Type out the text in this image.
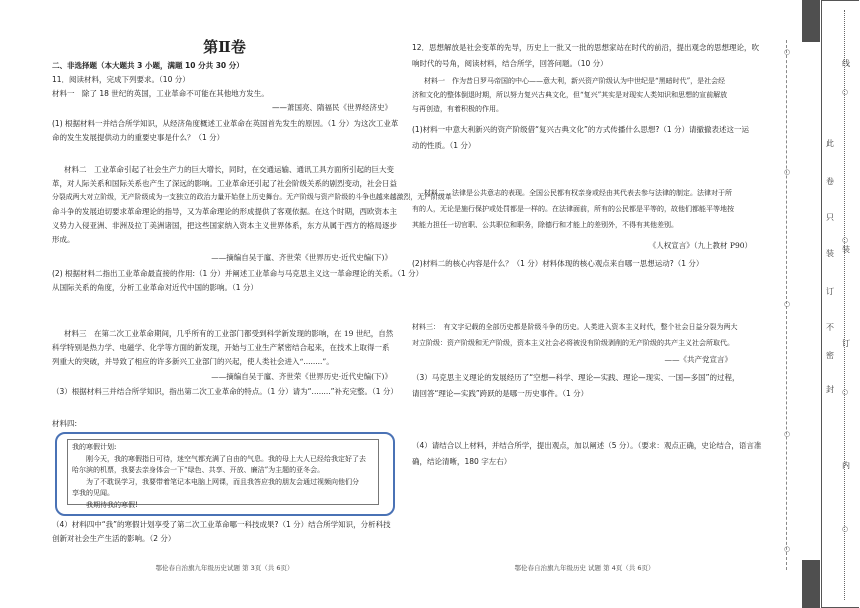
第Ⅱ卷
二、非选择题（本大题共 3 小题，满题 10 分共 30 分）
11．阅读材料，完成下列要求。（10 分）
材料一　除了 18 世纪的英国，工业革命不可能在其他地方发生。
——萧国亮、隋福民《世界经济史》
(1) 根据材料一并结合所学知识，从经济角度概述工业革命在英国首先发生的原因。（1 分）为这次工业革
命的发生发展提供动力的重要史事是什么？（1 分）
材料二　工业革命引起了社会生产力的巨大增长，同时，在交通运输、通讯工具方面所引起的巨大变
革，对人际关系和国际关系也产生了深远的影响。工业革命还引起了社会阶级关系的剧烈变动，社会日益
分裂成两大对立阶级，无产阶级成为一支独立的政治力量开始登上历史舞台。无产阶级与资产阶级的斗争也越来越激烈，无产阶级革
命斗争的发展迫切要求革命理论的指导，又为革命理论的形成提供了客观依据。在这个时期，西欧资本主
义势力入侵亚洲、非洲及拉丁美洲诸国，把这些国家纳入资本主义世界体系，东方从属于西方的格局逐步
形成。
——摘编自吴于廑、齐世荣《世界历史·近代史编(下)》
(2) 根据材料二指出工业革命最直接的作用:（1 分）并阐述工业革命与马克思主义这一革命理论的关系。（1 分）
从国际关系的角度，分析工业革命对近代中国的影响。（1 分）
材料三　在第二次工业革命期间，几乎所有的工业部门都受到科学新发现的影响，在 19 世纪，自然
科学特别是热力学、电磁学、化学等方面的新发现，开始与工业生产紧密结合起来，在技术上取得一系
列重大的突破，并导致了相应的许多新兴工业部门的兴起，使人类社会进入“........”。
——摘编自吴于廑、齐世荣《世界历史·近代史编(下)》
（3）根据材料三并结合所学知识，指出第二次工业革命的特点。（1 分）请为“........”补充完整。（1 分）
材料四:
我的寒假计划:
　　刚今天，我的寒假指日可待，迷空气都充满了自由的气息。我的母上大人已经给我定好了去
哈尔滨的机票，我要去亲身体会一下“绿色、共享、开放、廉洁”为主题的亚冬会。
　　为了不耽误学习，我要带着笔记本电脑上网课，而且我答应我的朋友会通过视频向他们分
享我的见闻。
　　我期待我的寒假!
（4）材料四中“我”的寒假计划享受了第二次工业革命哪一科技成果?（1 分）结合所学知识，分析科技
创新对社会生产生活的影响。（2 分）
鄂伦春自治旗九年级历史试题 第 3页（共 6页）
12．思想解放是社会变革的先导，历史上一批又一批的思想家站在时代的前沿，提出观念的思想理论，吹
响时代的号角，阅读材料，结合所学，回答问题。（10 分）
材料一　作为昔日罗马帝国的中心——意大利，新兴资产阶级认为中世纪是“黑暗时代”，是社会经
济和文化的整体倒退时期，所以努力复兴古典文化，但“复兴”其实是对现实人类知识和思想的宣前解放
与再创造，有着积极的作用。
(1)材料一中意大利新兴的资产阶级借“复兴古典文化”的方式传播什么思想?（1 分）请撤撤表述这一运
动的性质。（1 分）
材料二　法律是公共意志的表现。全国公民都有权亲身或经由其代表去参与法律的制定。法律对于所
有的人，无论是施行保护或处罚都是一样的。在法律面前，所有的公民都是平等的，故他们都能平等地按
其能力担任一切官职、公共职位和职务，除德行和才能上的差别外，不得有其他差别。
《人权宣言》（九上教材 P90）
(2)材料二的核心内容是什么？（1 分）材料体现的核心观点来自哪一思想运动?（1 分）
材料三：　有文字记载的全部历史都是阶级斗争的历史。人类进入资本主义时代，整个社会日益分裂为两大
对立阶级：资产阶级和无产阶级，资本主义社会必将被没有阶级剥削的无产阶级的共产主义社会所取代。
——《共产党宣言》
（3）马克思主义理论的发展经历了“空想—科学、理论—实践、理论—现实、一国—多国”的过程，
请回答“理论—实践”跨跃的是哪一历史事件。（1 分）
（4）请结合以上材料，并结合所学，提出观点，加以阐述（5 分）。（要求：观点正确，史论结合，语言准
确，结论清晰，180 字左右）
鄂伦春自治旗九年级历史 试题 第 4页（共 6页）
○
○
○
○
○
○
○
○
○
线
此
卷
只
装
订
不
密
封
订
装
内
